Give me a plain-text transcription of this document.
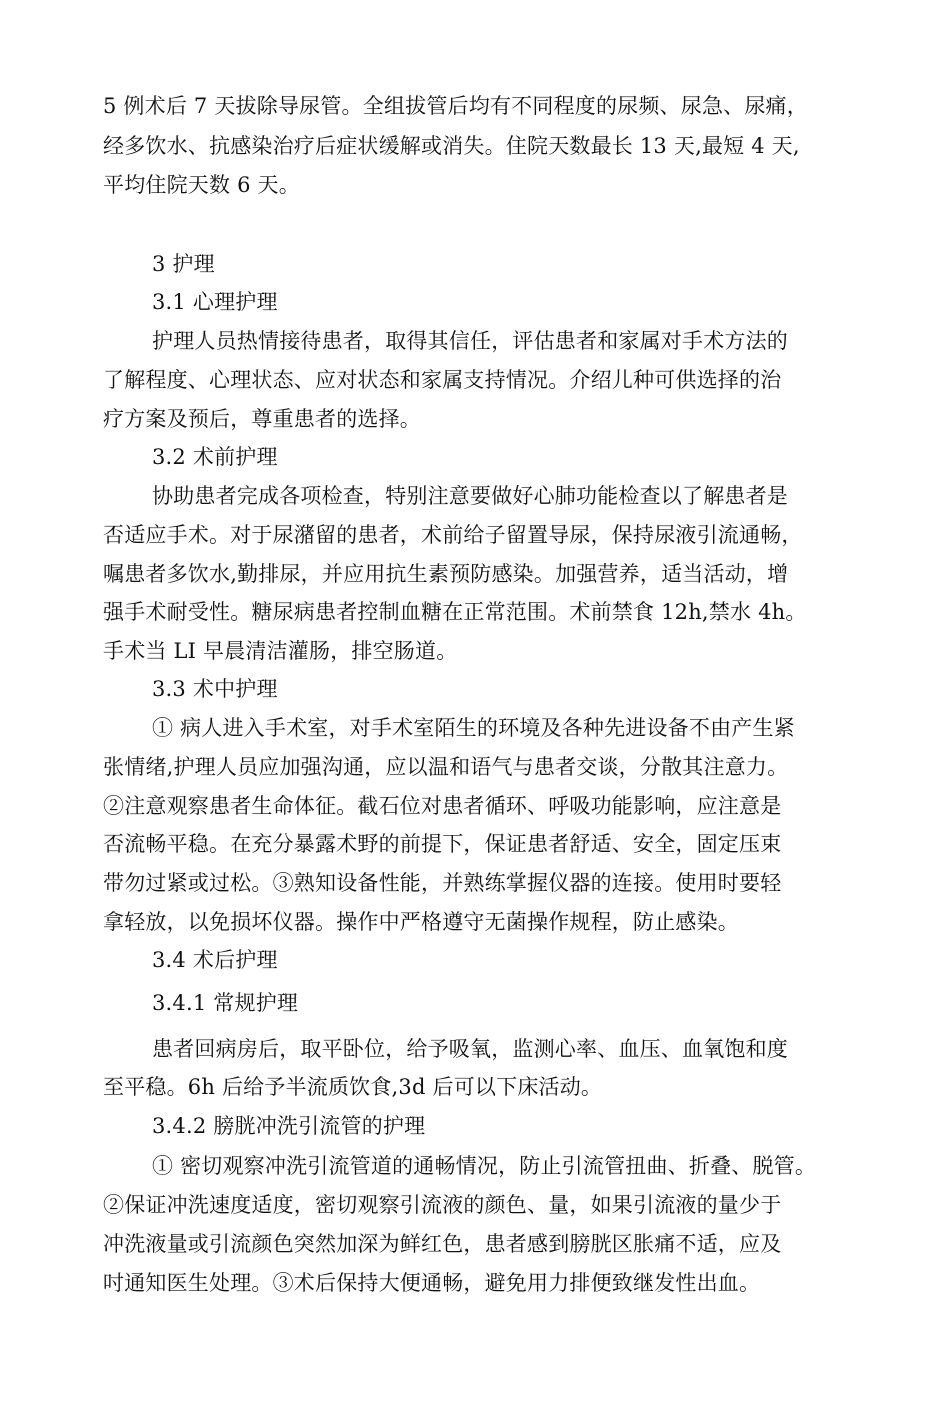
5 例术后 7 天拔除导尿管。全组拔管后均有不同程度的尿频、尿急、尿痛，
经多饮水、抗感染治疗后症状缓解或消失。住院天数最长 13 天,最短 4 天,
平均住院天数 6 天。
3 护理
3.1 心理护理
护理人员热情接待患者，取得其信任，评估患者和家属对手术方法的
了解程度、心理状态、应对状态和家属支持情况。介绍儿种可供选择的治
疗方案及预后，尊重患者的选择。
3.2 术前护理
协助患者完成各项检查，特别注意要做好心肺功能检查以了解患者是
否适应手术。对于尿潴留的患者，术前给子留置导尿，保持尿液引流通畅，
嘱患者多饮水,勤排尿，并应用抗生素预防感染。加强营养，适当活动，增
强手术耐受性。糖尿病患者控制血糖在正常范围。术前禁食 12h,禁水 4h。
手术当 LI 早晨清洁灌肠，排空肠道。
3.3 术中护理
① 病人进入手术室，对手术室陌生的环境及各种先进设备不由产生紧
张情绪,护理人员应加强沟通，应以温和语气与患者交谈，分散其注意力。
②注意观察患者生命体征。截石位对患者循环、呼吸功能影响，应注意是
否流畅平稳。在充分暴露术野的前提下，保证患者舒适、安全，固定压束
带勿过紧或过松。③熟知设备性能，并熟练掌握仪器的连接。使用时要轻
拿轻放，以免损坏仪器。操作中严格遵守无菌操作规程，防止感染。
3.4 术后护理
3.4.1 常规护理
患者回病房后，取平卧位，给予吸氧，监测心率、血压、血氧饱和度
至平稳。6h 后给予半流质饮食,3d 后可以下床活动。
3.4.2 膀胱冲洗引流管的护理
① 密切观察冲洗引流管道的通畅情况，防止引流管扭曲、折叠、脱管。
②保证冲洗速度适度，密切观察引流液的颜色、量，如果引流液的量少于
冲洗液量或引流颜色突然加深为鲜红色，患者感到膀胱区胀痛不适，应及
吋通知医生处理。③术后保持大便通畅，避免用力排便致继发性出血。
